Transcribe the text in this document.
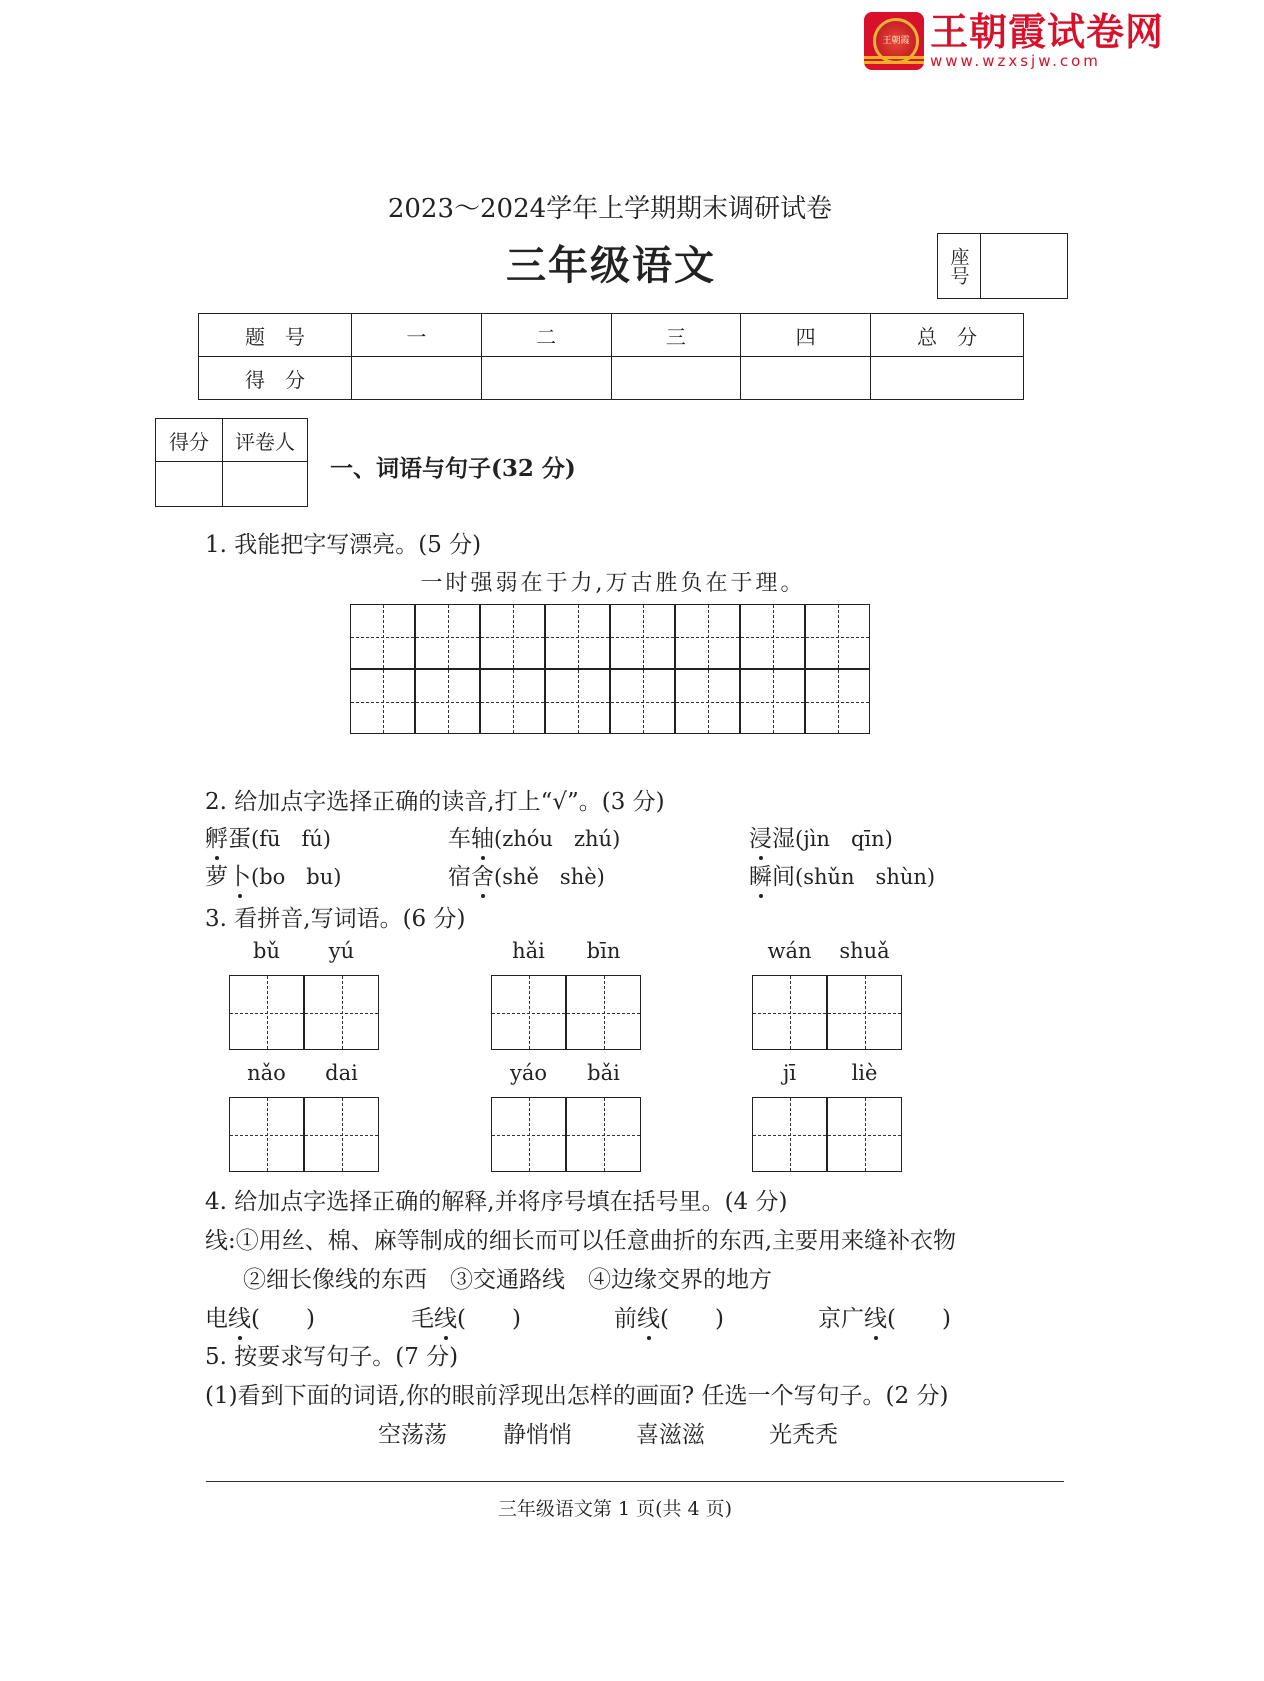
王朝霞 王朝霞试卷网
www.wzxsjw.com
2023～2024学年上学期期末调研试卷
三年级语文	座号
题　号	一	二	三	四	总　分
得　分					
得分	评卷人

一、词语与句子(32 分)
1. 我能把字写漂亮。(5 分)
一时强弱在于力,万古胜负在于理。
2. 给加点字选择正确的读音,打上“√”。(3 分)
3. 看拼音,写词语。(6 分)
4. 给加点字选择正确的解释,并将序号填在括号里。(4 分)
线:①用丝、棉、麻等制成的细长而可以任意曲折的东西,主要用来缝补衣物
②细长像线的东西　③交通路线　④边缘交界的地方
5. 按要求写句子。(7 分)
(1)看到下面的词语,你的眼前浮现出怎样的画面? 任选一个写句子。(2 分)
空荡荡 静悄悄	喜滋滋	光秃秃
三年级语文第 1 页(共 4 页)
孵蛋(fū　fú)	车轴(zhóu　zhú)	浸湿(jìn　qīn)
萝卜(bo　bu)	宿舍(shě　shè)	瞬间(shǔn　shùn)
bǔ	yú	hǎi	bīn	wán	shuǎ
nǎo	dai	yáo	bǎi	jī	liè
电线(　　)	毛线(　　)	前线(　　)	京广线(　　)
